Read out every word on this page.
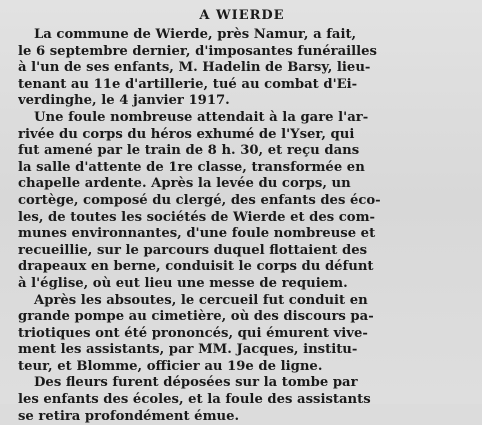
A WIERDE
La commune de Wierde, près Namur, a fait,
le 6 septembre dernier, d'imposantes funérailles
à l'un de ses enfants, M. Hadelin de Barsy, lieu-
tenant au 11e d'artillerie, tué au combat d'Ei-
verdinghe, le 4 janvier 1917.
Une foule nombreuse attendait à la gare l'ar-
rivée du corps du héros exhumé de l'Yser, qui
fut amené par le train de 8 h. 30, et reçu dans
la salle d'attente de 1re classe, transformée en
chapelle ardente. Après la levée du corps, un
cortège, composé du clergé, des enfants des éco-
les, de toutes les sociétés de Wierde et des com-
munes environnantes, d'une foule nombreuse et
recueillie, sur le parcours duquel flottaient des
drapeaux en berne, conduisit le corps du défunt
à l'église, où eut lieu une messe de requiem.
Après les absoutes, le cercueil fut conduit en
grande pompe au cimetière, où des discours pa-
triotiques ont été prononcés, qui émurent vive-
ment les assistants, par MM. Jacques, institu-
teur, et Blomme, officier au 19e de ligne.
Des fleurs furent déposées sur la tombe par
les enfants des écoles, et la foule des assistants
se retira profondément émue.
